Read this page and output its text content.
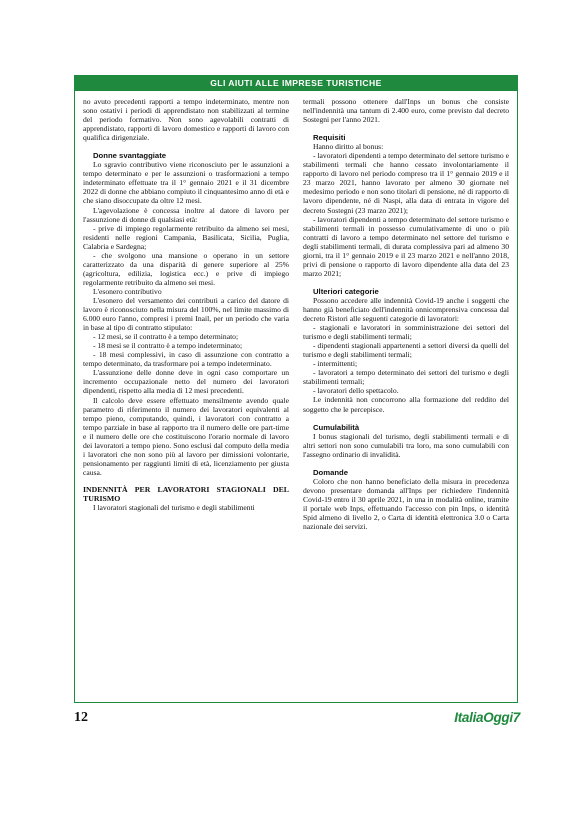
GLI AIUTI ALLE IMPRESE TURISTICHE

no avuto precedenti rapporti a tempo indeterminato, mentre non sono ostativi i periodi di apprendistato non stabilizzati al termine del periodo formativo. Non sono agevolabili contratti di apprendistato, rapporti di lavoro domestico e rapporti di lavoro con qualifica dirigenziale.

Donne svantaggiate

Lo sgravio contributivo viene riconosciuto per le assunzioni a tempo determinato e per le assunzioni o trasformazioni a tempo indeterminato effettuate tra il 1° gennaio 2021 e il 31 dicembre 2022 di donne che abbiano compiuto il cinquantesimo anno di età e che siano disoccupate da oltre 12 mesi.

L'agevolazione è concessa inoltre al datore di lavoro per l'assunzione di donne di qualsiasi età:

- prive di impiego regolarmente retribuito da almeno sei mesi, residenti nelle regioni Campania, Basilicata, Sicilia, Puglia, Calabria e Sardegna;

- che svolgono una mansione o operano in un settore caratterizzato da una disparità di genere superiore al 25% (agricoltura, edilizia, logistica ecc.) e prive di impiego regolarmente retribuito da almeno sei mesi.

L'esonero contributivo

L'esonero del versamento dei contributi a carico del datore di lavoro è riconosciuto nella misura del 100%, nel limite massimo di 6.000 euro l'anno, compresi i premi Inail, per un periodo che varia in base al tipo di contratto stipulato:

- 12 mesi, se il contratto è a tempo determinato;

- 18 mesi se il contratto è a tempo indeterminato;

- 18 mesi complessivi, in caso di assunzione con contratto a tempo determinato, da trasformare poi a tempo indeterminato.

L'assunzione delle donne deve in ogni caso comportare un incremento occupazionale netto del numero dei lavoratori dipendenti, rispetto alla media di 12 mesi precedenti.

Il calcolo deve essere effettuato mensilmente avendo quale parametro di riferimento il numero dei lavoratori equivalenti al tempo pieno, computando, quindi, i lavoratori con contratto a tempo parziale in base al rapporto tra il numero delle ore part-time e il numero delle ore che costituiscono l'orario normale di lavoro dei lavoratori a tempo pieno. Sono esclusi dal computo della media i lavoratori che non sono più al lavoro per dimissioni volontarie, pensionamento per raggiunti limiti di età, licenziamento per giusta causa.

INDENNITÀ PER LAVORATORI STAGIONALI DEL TURISMO

I lavoratori stagionali del turismo e degli stabilimenti

termali possono ottenere dall'Inps un bonus che consiste nell'indennità una tantum di 2.400 euro, come previsto dal decreto Sostegni per l'anno 2021.

Requisiti

Hanno diritto al bonus:

- lavoratori dipendenti a tempo determinato del settore turismo e stabilimenti termali che hanno cessato involontariamente il rapporto di lavoro nel periodo compreso tra il 1° gennaio 2019 e il 23 marzo 2021, hanno lavorato per almeno 30 giornate nel medesimo periodo e non sono titolari di pensione, né di rapporto di lavoro dipendente, né di Naspi, alla data di entrata in vigore del decreto Sostegni (23 marzo 2021);

- lavoratori dipendenti a tempo determinato del settore turismo e stabilimenti termali in possesso cumulativamente di uno o più contratti di lavoro a tempo determinato nel settore del turismo e degli stabilimenti termali, di durata complessiva pari ad almeno 30 giorni, tra il 1° gennaio 2019 e il 23 marzo 2021 e nell'anno 2018, privi di pensione o rapporto di lavoro dipendente alla data del 23 marzo 2021;

Ulteriori categorie

Possono accedere alle indennità Covid-19 anche i soggetti che hanno già beneficiato dell'indennità onnicomprensiva concessa dal decreto Ristori alle seguenti categorie di lavoratori:

- stagionali e lavoratori in somministrazione dei settori del turismo e degli stabilimenti termali;

- dipendenti stagionali appartenenti a settori diversi da quelli del turismo e degli stabilimenti termali;

- intermittenti;

- lavoratori a tempo determinato dei settori del turismo e degli stabilimenti termali;

- lavoratori dello spettacolo.

Le indennità non concorrono alla formazione del reddito del soggetto che le percepisce.

Cumulabilità

I bonus stagionali del turismo, degli stabilimenti termali e di altri settori non sono cumulabili tra loro, ma sono cumulabili con l'assegno ordinario di invalidità.

Domande

Coloro che non hanno beneficiato della misura in precedenza devono presentare domanda all'Inps per richiedere l'indennità Covid-19 entro il 30 aprile 2021, in una in modalità online, tramite il portale web Inps, effettuando l'accesso con pin Inps, o identità Spid almeno di livello 2, o Carta di identità elettronica 3.0 o Carta nazionale dei servizi.

12	ItaliaOggi7
